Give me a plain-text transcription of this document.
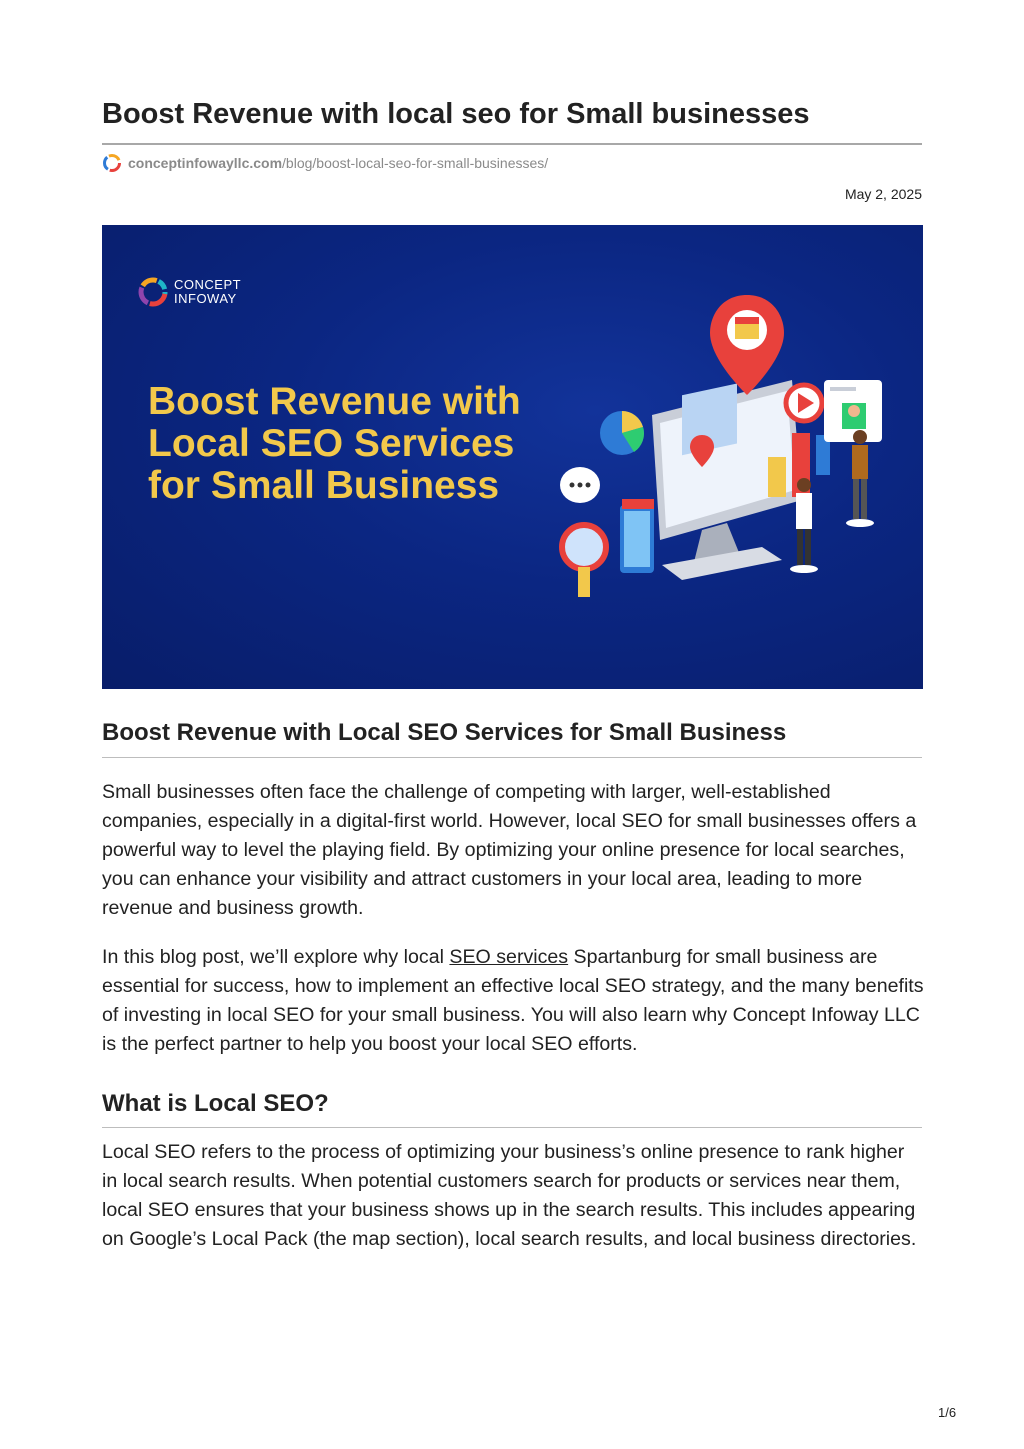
Boost Revenue with local seo for Small businesses
conceptinfowayllc.com /blog/boost-local-seo-for-small-businesses/
May 2, 2025
CONCEPT
INFOWAY
Boost Revenue with Local SEO Services for Small Business
Boost Revenue with Local SEO Services for Small Business

Small businesses often face the challenge of competing with larger, well-established companies, especially in a digital-first world. However, local SEO for small businesses offers a powerful way to level the playing field. By optimizing your online presence for local searches, you can enhance your visibility and attract customers in your local area, leading to more revenue and business growth.

In this blog post, we’ll explore why local SEO services Spartanburg for small business are essential for success, how to implement an effective local SEO strategy, and the many benefits of investing in local SEO for your small business. You will also learn why Concept Infoway LLC is the perfect partner to help you boost your local SEO efforts.

What is Local SEO?

Local SEO refers to the process of optimizing your business’s online presence to rank higher in local search results. When potential customers search for products or services near them, local SEO ensures that your business shows up in the search results. This includes appearing on Google’s Local Pack (the map section), local search results, and local business directories.

1/6
